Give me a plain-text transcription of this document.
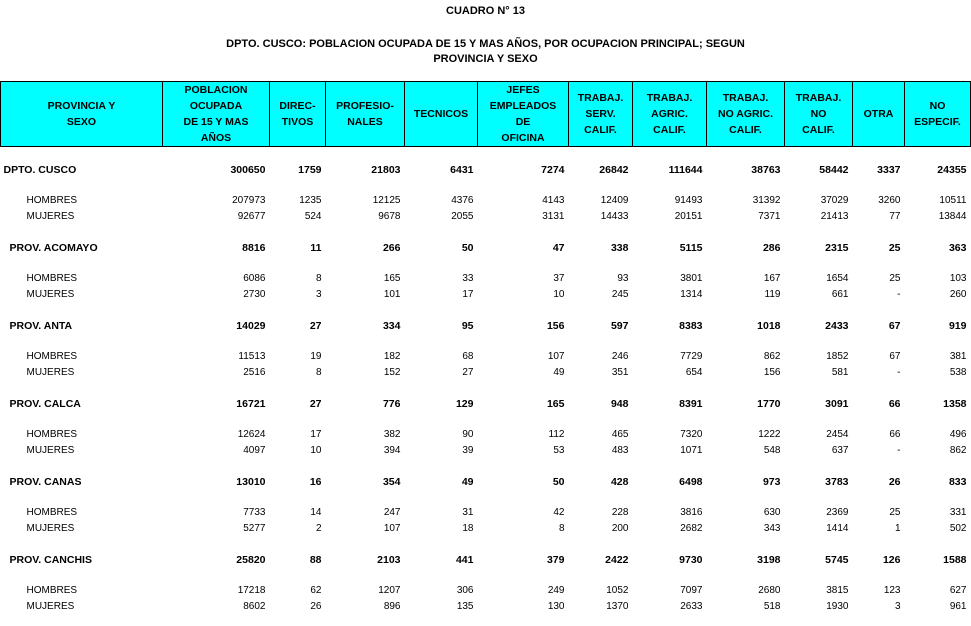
CUADRO N° 13
DPTO. CUSCO: POBLACION OCUPADA DE 15 Y MAS AÑOS, POR OCUPACION PRINCIPAL; SEGUN
PROVINCIA Y SEXO
PROVINCIA Y
SEXO	POBLACION
OCUPADA
DE 15 Y MAS
AÑOS	DIREC-
TIVOS	PROFESIO-
NALES	TECNICOS	JEFES
EMPLEADOS
DE
OFICINA	TRABAJ.
SERV.
CALIF.	TRABAJ.
AGRIC.
CALIF.	TRABAJ.
NO AGRIC.
CALIF.	TRABAJ.
NO
CALIF.	OTRA	NO
ESPECIF.

DPTO. CUSCO	300650	1759	21803	6431	7274	26842	111644	38763	58442	3337	24355

HOMBRES	207973	1235	12125	4376	4143	12409	91493	31392	37029	3260	10511
MUJERES	92677	524	9678	2055	3131	14433	20151	7371	21413	77	13844

PROV. ACOMAYO	8816	11	266	50	47	338	5115	286	2315	25	363

HOMBRES	6086	8	165	33	37	93	3801	167	1654	25	103
MUJERES	2730	3	101	17	10	245	1314	119	661	-	260

PROV. ANTA	14029	27	334	95	156	597	8383	1018	2433	67	919

HOMBRES	11513	19	182	68	107	246	7729	862	1852	67	381
MUJERES	2516	8	152	27	49	351	654	156	581	-	538

PROV. CALCA	16721	27	776	129	165	948	8391	1770	3091	66	1358

HOMBRES	12624	17	382	90	112	465	7320	1222	2454	66	496
MUJERES	4097	10	394	39	53	483	1071	548	637	-	862

PROV. CANAS	13010	16	354	49	50	428	6498	973	3783	26	833

HOMBRES	7733	14	247	31	42	228	3816	630	2369	25	331
MUJERES	5277	2	107	18	8	200	2682	343	1414	1	502

PROV. CANCHIS	25820	88	2103	441	379	2422	9730	3198	5745	126	1588

HOMBRES	17218	62	1207	306	249	1052	7097	2680	3815	123	627
MUJERES	8602	26	896	135	130	1370	2633	518	1930	3	961
